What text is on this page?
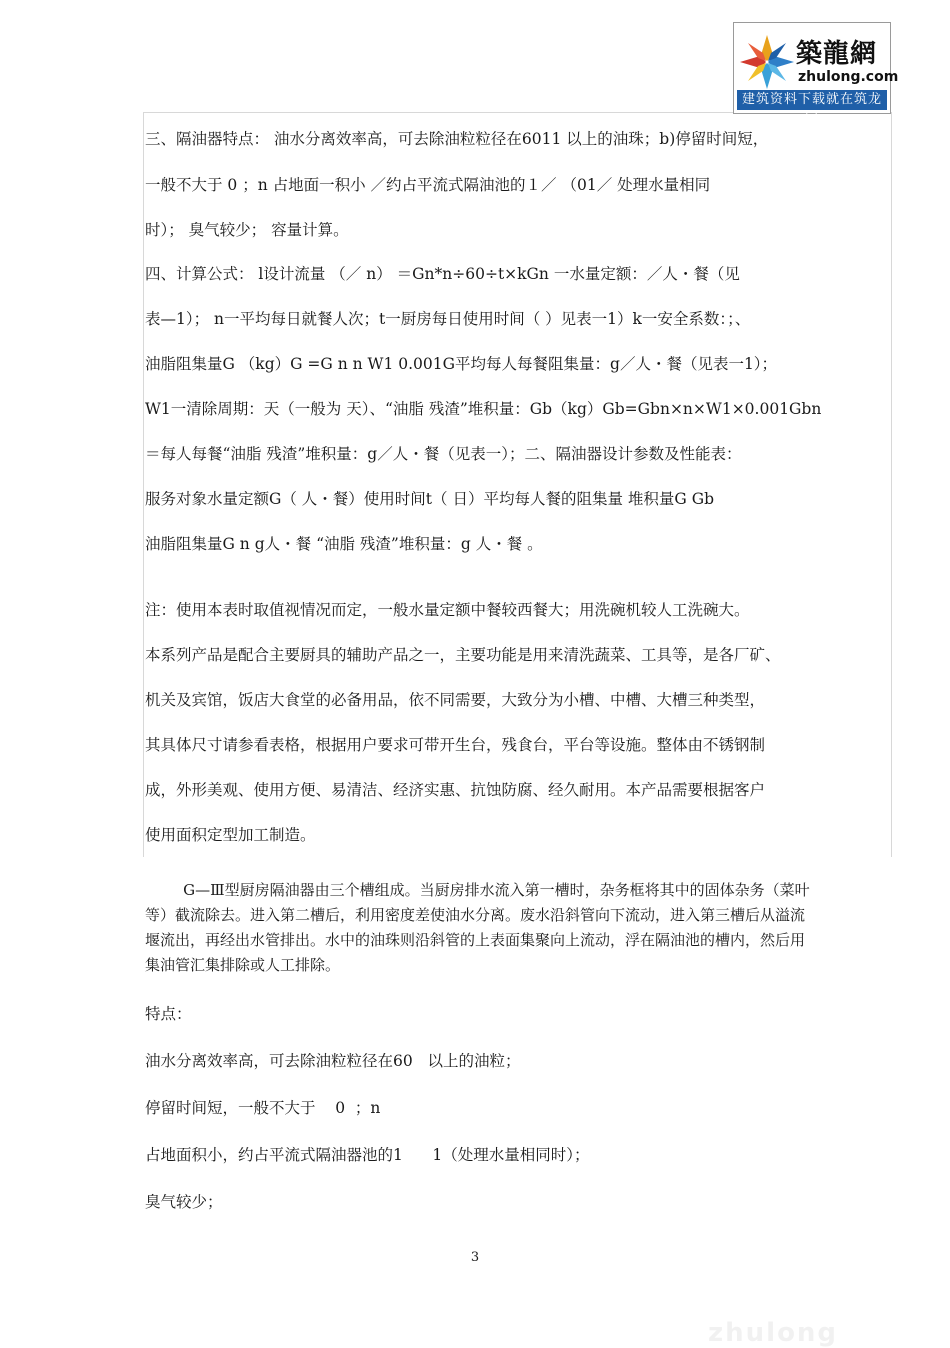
築龍網
zhulong.com
建筑资料下载就在筑龙网
三、隔油器特点： 油水分离效率高，可去除油粒粒径在6011 以上的油珠；b)停留时间短，
一般不大于 0 ；n 占地面一积小 ／约占平流式隔油池的１／ （01／ 处理水量相同
时）； 臭气较少； 容量计算。
四、计算公式： l设计流量 （／ n） ＝Gn*n÷60÷t×kGn 一水量定额：／人・餐（见
表—1）； n一平均每日就餐人次；t一厨房每日使用时间（ ）见表一1）k一安全系数：；、
油脂阻集量G （kg）G =G n n W1 0.001G平均每人每餐阻集量：g／人・餐（见表一1）；
W1一清除周期：天（一般为 天）、“油脂 残渣”堆积量：Gb（kg）Gb=Gbn×n×W1×0.001Gbn
＝每人每餐“油脂 残渣”堆积量：g／人・餐（见表一）；二、隔油器设计参数及性能表：
服务对象水量定额G（ 人・餐）使用时间t（ 日）平均每人餐的阻集量 堆积量G Gb
油脂阻集量G n g人・餐 “油脂 残渣”堆积量：g 人・餐 。
注：使用本表时取值视情况而定，一般水量定额中餐较西餐大；用洗碗机较人工洗碗大。
本系列产品是配合主要厨具的辅助产品之一，主要功能是用来清洗蔬菜、工具等，是各厂矿、
机关及宾馆，饭店大食堂的必备用品，依不同需要，大致分为小槽、中槽、大槽三种类型，
其具体尺寸请参看表格，根据用户要求可带开生台，残食台，平台等设施。整体由不锈钢制
成，外形美观、使用方便、易清洁、经济实惠、抗蚀防腐、经久耐用。本产品需要根据客户
使用面积定型加工制造。
G—Ⅲ型厨房隔油器由三个槽组成。当厨房排水流入第一槽时，杂务框将其中的固体杂务（菜叶等）截流除去。进入第二槽后，利用密度差使油水分离。废水沿斜管向下流动，进入第三槽后从溢流堰流出，再经出水管排出。水中的油珠则沿斜管的上表面集聚向上流动，浮在隔油池的槽内，然后用集油管汇集排除或人工排除。
特点：
油水分离效率高，可去除油粒粒径在60   以上的油粒；
停留时间短，一般不大于    0  ；n
占地面积小，约占平流式隔油器池的1      1（处理水量相同时）；
臭气较少；
3
zhulong
